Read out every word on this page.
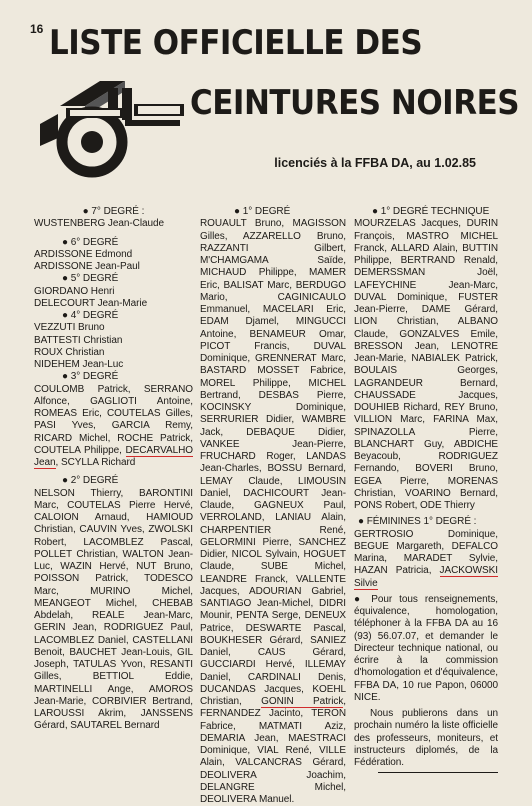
16 LISTE OFFICIELLE DES
CEINTURES NOIRES
licenciés à la FFBA DA, au 1.02.85
● 7° DEGRÉ :
WUSTENBERG Jean-Claude
● 6° DEGRÉ
ARDISSONE Edmond
ARDISSONE Jean-Paul
● 5° DEGRÉ
GIORDANO Henri
DELECOURT Jean-Marie
● 4° DEGRÉ
VEZZUTI Bruno
BATTESTI Christian
ROUX Christian
NIDEHEM Jean-Luc
● 3° DEGRÉ
COULOMB Patrick, SERRANO Alfonce, GAGLIOTI Antoine, ROMEAS Eric, COUTELAS Gilles, PASI Yves, GARCIA Remy, RICARD Michel, ROCHE Patrick, COUTELA Philippe, DECARVALHO Jean, SCYLLA Richard
● 2° DEGRÉ
NELSON Thierry, BARONTINI Marc, COUTELAS Pierre Hervé, CALOION Arnaud, HAMIOUD Christian, CAUVIN Yves, ZWOLSKI Robert, LACOMBLEZ Pascal, POLLET Christian, WALTON Jean-Luc, WAZIN Hervé, NUT Bruno, POISSON Patrick, TODESCO Marc, MURINO Michel, MEANGEOT Michel, CHEBAB Abdelah, REALE Jean-Marc, GERIN Jean, RODRIGUEZ Paul, LACOMBLEZ Daniel, CASTELLANI Benoit, BAUCHET Jean-Louis, GIL Joseph, TATULAS Yvon, RESANTI Gilles, BETTIOL Eddie, MARTINELLI Ange, AMOROS Jean-Marie, CORBIVIER Bertrand, LAROUSSI Akrim, JANSSENS Gérard, SAUTAREL Bernard
● 1° DEGRÉ
ROUAULT Bruno, MAGISSON Gilles, AZZARELLO Bruno, RAZZANTI Gilbert, M'CHAMGAMA Saïde, MICHAUD Philippe, MAMER Eric, BALISAT Marc, BERDUGO Mario, CAGINICAULO Emmanuel, MACELARI Eric, EDAM Djamel, MINGUCCI Antoine, BENAMEUR Omar, PICOT Francis, DUVAL Dominique, GRENNERAT Marc, BASTARD MOSSET Fabrice, MOREL Philippe, MICHEL Bertrand, DESBAS Pierre, KOCINSKY Dominique, SERRURIER Didier, WAMBRE Jack, DEBAQUE Didier, VANKEE Jean-Pierre, FRUCHARD Roger, LANDAS Jean-Charles, BOSSU Bernard, LEMAY Claude, LIMOUSIN Daniel, DACHICOURT Jean-Claude, GAGNEUX Paul, VERROLAND, LANIAU Alain, CHARPENTIER René, GELORMINI Pierre, SANCHEZ Didier, NICOL Sylvain, HOGUET Claude, SUBE Michel, LEANDRE Franck, VALLENTE Jacques, ADOURIAN Gabriel, SANTIAGO Jean-Michel, DIDRI Mounir, PENTA Serge, DENEUX Patrice, DESWARTE Pascal, BOUKHESER Gérard, SANIEZ Daniel, CAUS Gérard, GUCCIARDI Hervé, ILLEMAY Daniel, CARDINALI Denis, DUCANDAS Jacques, KOEHL Christian, GONIN Patrick, FERNANDEZ Jacinto, TERON Fabrice, MATMATI Aziz, DEMARIA Jean, MAESTRACI Dominique, VIAL René, VILLE Alain, VALCANCRAS Gérard, DEOLIVERA Joachim, DELANGRE Michel, DEOLIVERA Manuel.
● 1° DEGRÉ TECHNIQUE
MOURZELAS Jacques, DURIN François, MASTRO MICHEL Franck, ALLARD Alain, BUTTIN Philippe, BERTRAND Renald, DEMERSSMAN Joël, LAFEYCHINE Jean-Marc, DUVAL Dominique, FUSTER Jean-Pierre, DAME Gérard, LION Christian, ALBANO Claude, GONZALVES Emile, BRESSON Jean, LENOTRE Jean-Marie, NABIALEK Patrick, BOULAIS Georges, LAGRANDEUR Bernard, CHAUSSADE Jacques, DOUHIEB Richard, REY Bruno, VILLION Marc, FARINA Max, SPINAZOLLA Pierre, BLANCHART Guy, ABDICHE Beyacoub, RODRIGUEZ Fernando, BOVERI Bruno, EGEA Pierre, MORENAS Christian, VOARINO Bernard, PONS Robert, ODE Thierry
● FÉMININES 1° DEGRÉ :
GERTROSIO Dominique, BEGUE Margareth, DEFALCO Marina, MARADET Sylvie, HAZAN Patricia, JACKOWSKI Silvie
● Pour tous renseignements, équivalence, homologation, téléphoner à la FFBA DA au 16 (93) 56.07.07, et demander le Directeur technique national, ou écrire à la commission d'homologation et d'équivalence, FFBA DA, 10 rue Papon, 06000 NICE.
Nous publierons dans un prochain numéro la liste officielle des professeurs, moniteurs, et instructeurs diplomés, de la Fédération.
